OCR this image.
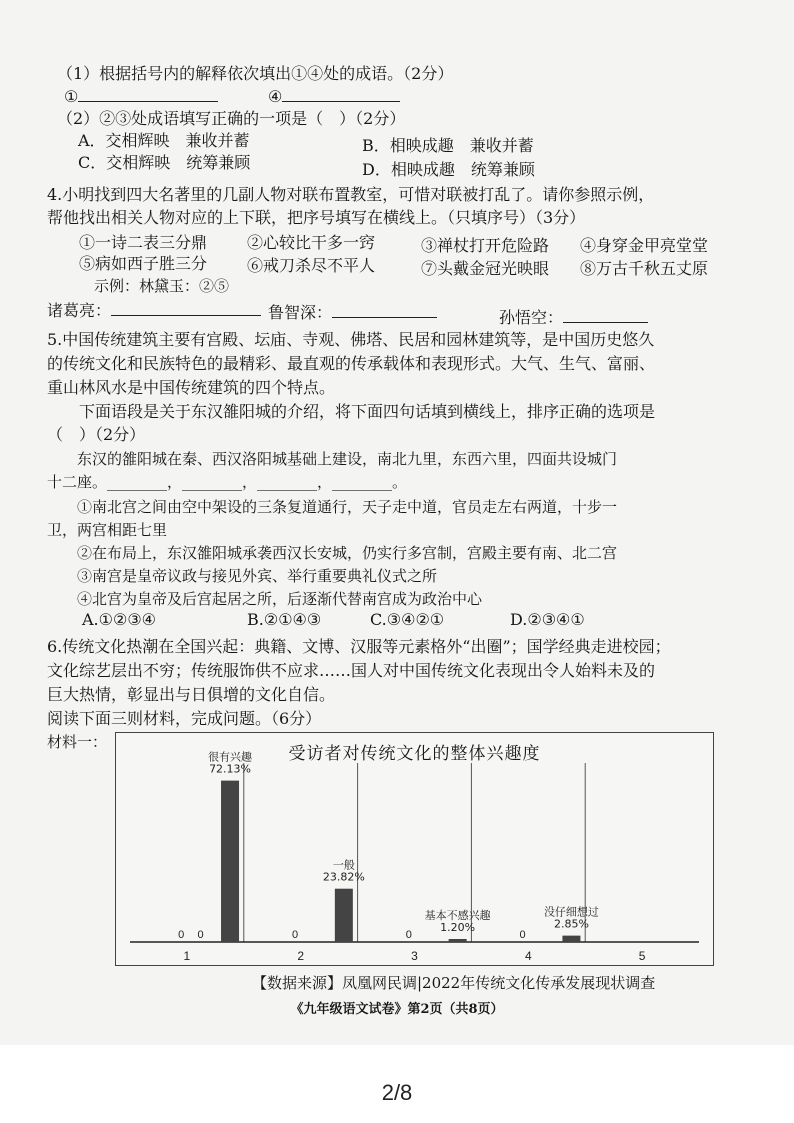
（1）根据括号内的解释依次填出①④处的成语。（2分）
①	④
（2）②③处成语填写正确的一项是（　）（2分）
A．交相辉映　兼收并蓄	B．相映成趣　兼收并蓄
C．交相辉映　统筹兼顾	D．相映成趣　统筹兼顾
4.小明找到四大名著里的几副人物对联布置教室，可惜对联被打乱了。请你参照示例，
帮他找出相关人物对应的上下联，把序号填写在横线上。（只填序号）（3分）
①一诗二表三分鼎 ②心较比干多一窍	③禅杖打开危险路 ④身穿金甲亮堂堂
⑤病如西子胜三分 ⑥戒刀杀尽不平人	⑦头戴金冠光映眼 ⑧万古千秋五丈原
示例：林黛玉：②⑤
诸葛亮：	鲁智深：	孙悟空：
5.中国传统建筑主要有宫殿、坛庙、寺观、佛塔、民居和园林建筑等，是中国历史悠久
的传统文化和民族特色的最精彩、最直观的传承载体和表现形式。大气、生气、富丽、
重山林风水是中国传统建筑的四个特点。
　　下面语段是关于东汉雒阳城的介绍，将下面四句话填到横线上，排序正确的选项是
（　）（2分）
　　东汉的雒阳城在秦、西汉洛阳城基础上建设，南北九里，东西六里，四面共设城门
十二座。________，________，________，________。
　　①南北宫之间由空中架设的三条复道通行，天子走中道，官员走左右两道，十步一
卫，两宫相距七里
　　②在布局上，东汉雒阳城承袭西汉长安城，仍实行多宫制，宫殿主要有南、北二宫
　　③南宫是皇帝议政与接见外宾、举行重要典礼仪式之所
　　④北宫为皇帝及后宫起居之所，后逐渐代替南宫成为政治中心
A.①②③④	B.②①④③	C.③④②①	D.②③④①
6.传统文化热潮在全国兴起：典籍、文博、汉服等元素格外“出圈”；国学经典走进校园；
文化综艺层出不穷；传统服饰供不应求……国人对中国传统文化表现出令人始料未及的
巨大热情，彰显出与日俱增的文化自信。
阅读下面三则材料，完成问题。（6分）
材料一：
受访者对传统文化的整体兴趣度
1	2	3	4	5
0	0	0	0
0
很有兴趣
72.13%
一般
23.82%
基本不感兴趣
1.20%
没仔细想过
2.85%
【数据来源】凤凰网民调|2022年传统文化传承发展现状调查
《九年级语文试卷》第2页（共8页）
2/8
